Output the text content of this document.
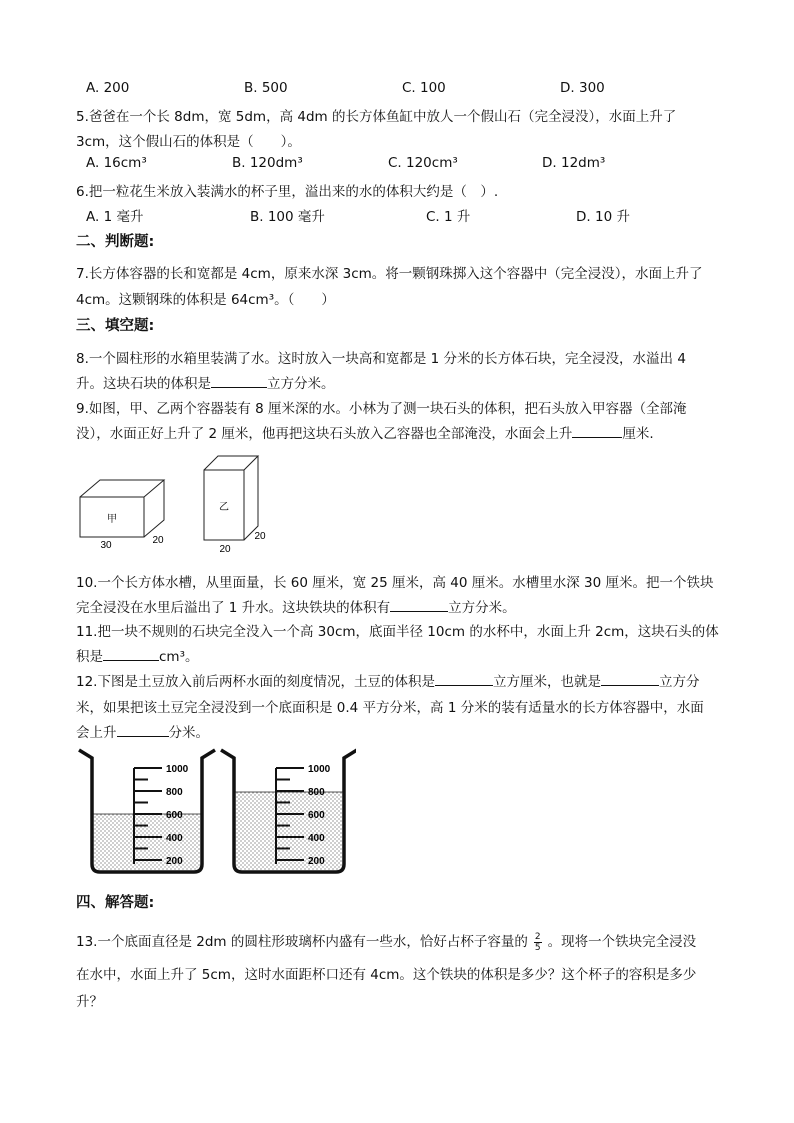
A. 200	B. 500	C. 100	D. 300
5.爸爸在一个长 8dm，宽 5dm，高 4dm 的长方体鱼缸中放人一个假山石（完全浸没），水面上升了
3cm，这个假山石的体积是（　　）。
A. 16cm³	B. 120dm³	C. 120cm³	D. 12dm³
6.把一粒花生米放入装满水的杯子里，溢出来的水的体积大约是（　）.
A. 1 毫升	B. 100 毫升	C. 1 升	D. 10 升
二、判断题:
7.长方体容器的长和宽都是 4cm，原来水深 3cm。将一颗钢珠掷入这个容器中（完全浸没），水面上升了
4cm。这颗钢珠的体积是 64cm³。（　　）
三、填空题:
8.一个圆柱形的水箱里装满了水。这时放入一块高和宽都是 1 分米的长方体石块，完全浸没，水溢出 4
升。这块石块的体积是	立方分米。
9.如图，甲、乙两个容器装有 8 厘米深的水。小林为了测一块石头的体积，把石头放入甲容器（全部淹
没），水面正好上升了 2 厘米，他再把这块石头放入乙容器也全部淹没，水面会上升	厘米.
甲
30	20
乙
20
20
10.一个长方体水槽，从里面量，长 60 厘米，宽 25 厘米，高 40 厘米。水槽里水深 30 厘米。把一个铁块
完全浸没在水里后溢出了 1 升水。这块铁块的体积有	立方分米。
11.把一块不规则的石块完全没入一个高 30cm，底面半径 10cm 的水杯中，水面上升 2cm，这块石头的体
积是	cm³。
12.下图是土豆放入前后两杯水面的刻度情况，土豆的体积是	立方厘米，也就是	立方分
米，如果把该土豆完全浸没到一个底面积是 0.4 平方分米，高 1 分米的装有适量水的长方体容器中，水面
会上升	分米。
1000
800
600
400
200
1000
800
600
400
200
四、解答题:
13.一个底面直径是 2dm 的圆柱形玻璃杯内盛有一些水，恰好占杯子容量的 $\frac{2}{5}$ 。现将一个铁块完全浸没
在水中，水面上升了 5cm，这时水面距杯口还有 4cm。这个铁块的体积是多少？这个杯子的容积是多少
升？
